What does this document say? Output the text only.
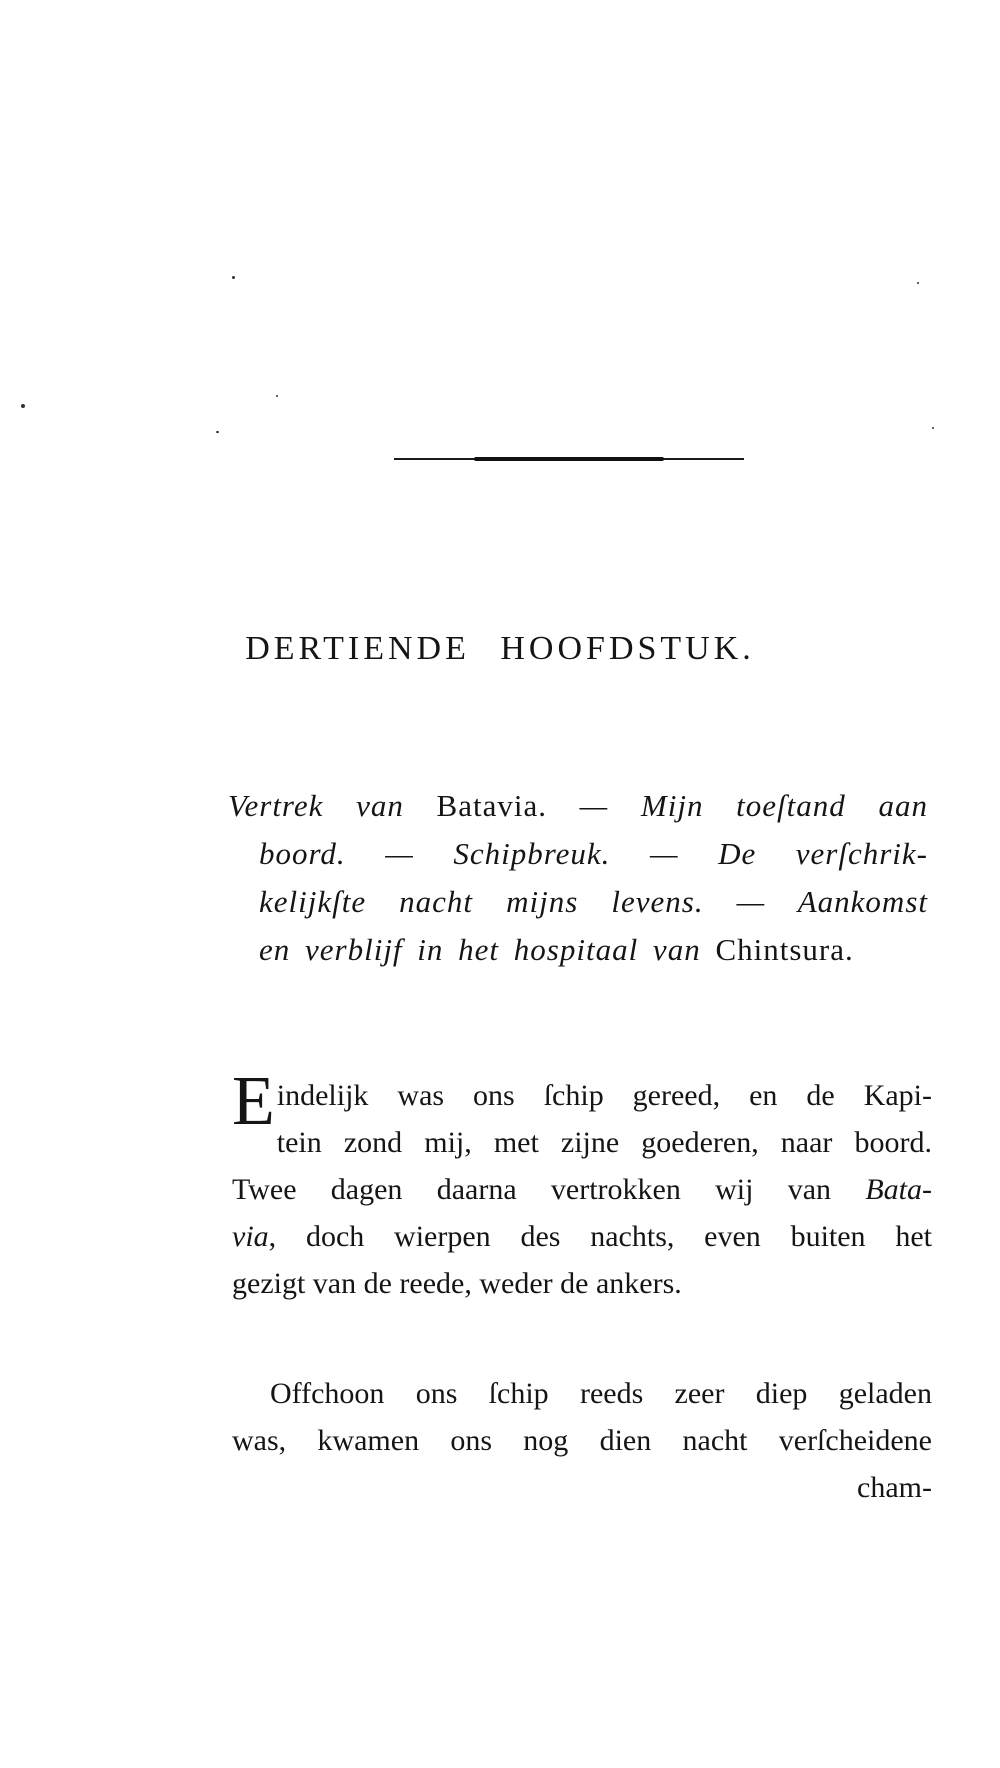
DERTIENDE HOOFDSTUK.
Vertrek van Batavia. — Mijn toeſtand aan
boord. — Schipbreuk. — De verſchrik-
kelijkſte nacht mijns levens. — Aankomst
en verblijf in het hospitaal van Chintsura.
E indelijk was ons ſchip gereed, en de Kapi-
tein zond mij, met zijne goederen, naar boord.
Twee dagen daarna vertrokken wij van Bata-
via, doch wierpen des nachts, even buiten het
gezigt van de reede, weder de ankers.
Offchoon ons ſchip reeds zeer diep geladen
was, kwamen ons nog dien nacht verſcheidene
cham-
